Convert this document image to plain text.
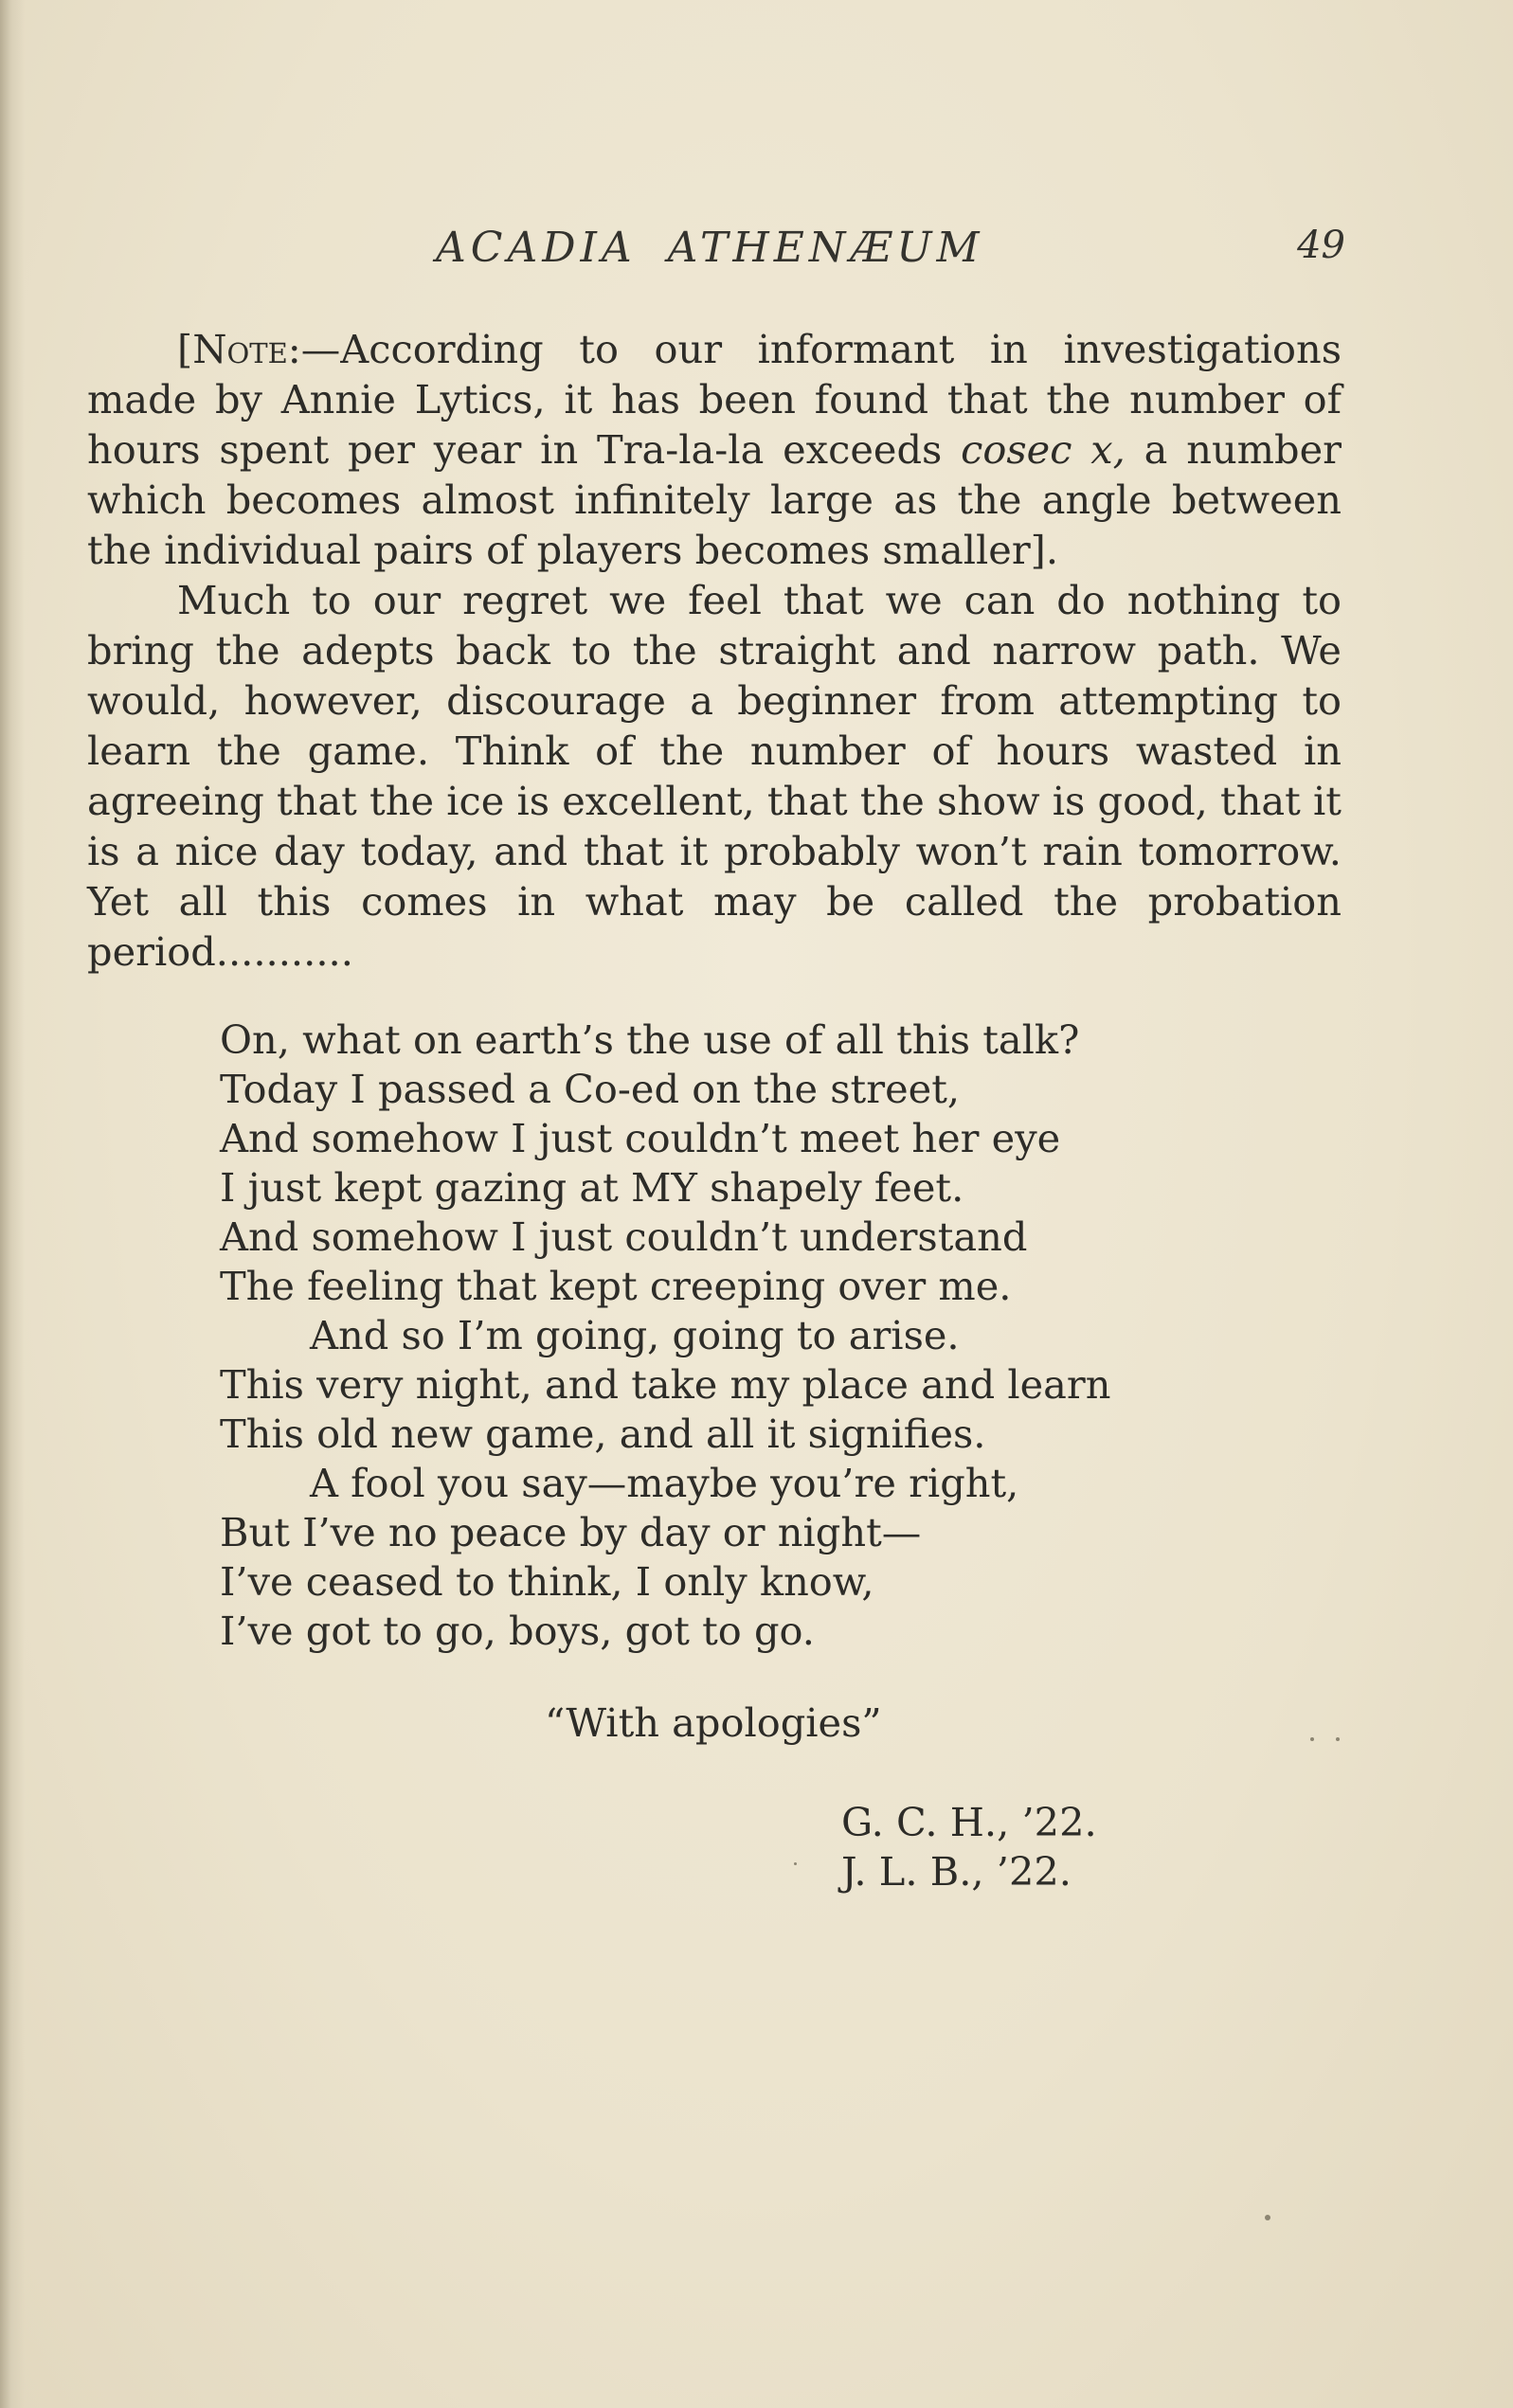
ACADIA ATHENÆUM	49

[Note:—According to our informant in investigations made by Annie Lytics, it has been found that the number of hours spent per year in Tra-la-la exceeds cosec x, a number which becomes almost infinitely large as the angle between the individual pairs of players becomes smaller].

Much to our regret we feel that we can do nothing to bring the adepts back to the straight and narrow path. We would, however, discourage a beginner from attempting to learn the game. Think of the number of hours wasted in agreeing that the ice is excellent, that the show is good, that it is a nice day today, and that it probably won’t rain tomorrow. Yet all this comes in what may be called the probation period...........

On, what on earth’s the use of all this talk?
Today I passed a Co-ed on the street,
And somehow I just couldn’t meet her eye
I just kept gazing at MY shapely feet.
And somehow I just couldn’t understand
The feeling that kept creeping over me.
And so I’m going, going to arise.
This very night, and take my place and learn
This old new game, and all it signifies.
A fool you say—maybe you’re right,
But I’ve no peace by day or night—
I’ve ceased to think, I only know,
I’ve got to go, boys, got to go.
“With apologies”
G. C. H., ’22.
J. L. B., ’22.
